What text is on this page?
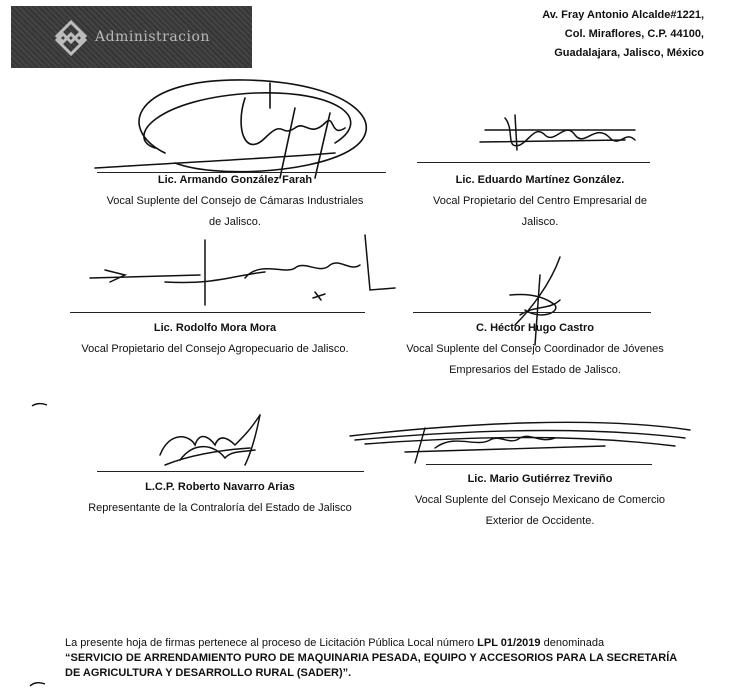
Administracion
Av. Fray Antonio Alcalde#1221,
Col. Miraflores, C.P. 44100,
Guadalajara, Jalisco, México
Lic. Armando González Farah
Vocal Suplente del Consejo de Cámaras Industriales
de Jalisco.
Lic. Eduardo Martínez González.
Vocal Propietario del Centro Empresarial de
Jalisco.
Lic. Rodolfo Mora Mora
Vocal Propietario del Consejo Agropecuario de Jalisco.
C. Héctor Hugo Castro
Vocal Suplente del Consejo Coordinador de Jóvenes
Empresarios del Estado de Jalisco.
L.C.P. Roberto Navarro Arias
Representante de la Contraloría del Estado de Jalisco
Lic. Mario Gutiérrez Treviño
Vocal Suplente del Consejo Mexicano de Comercio
Exterior de Occidente.
La presente hoja de firmas pertenece al proceso de Licitación Pública Local número LPL 01/2019 denominada
“SERVICIO DE ARRENDAMIENTO PURO DE MAQUINARIA PESADA, EQUIPO Y ACCESORIOS PARA LA SECRETARÍA DE AGRICULTURA Y DESARROLLO RURAL (SADER)”.
